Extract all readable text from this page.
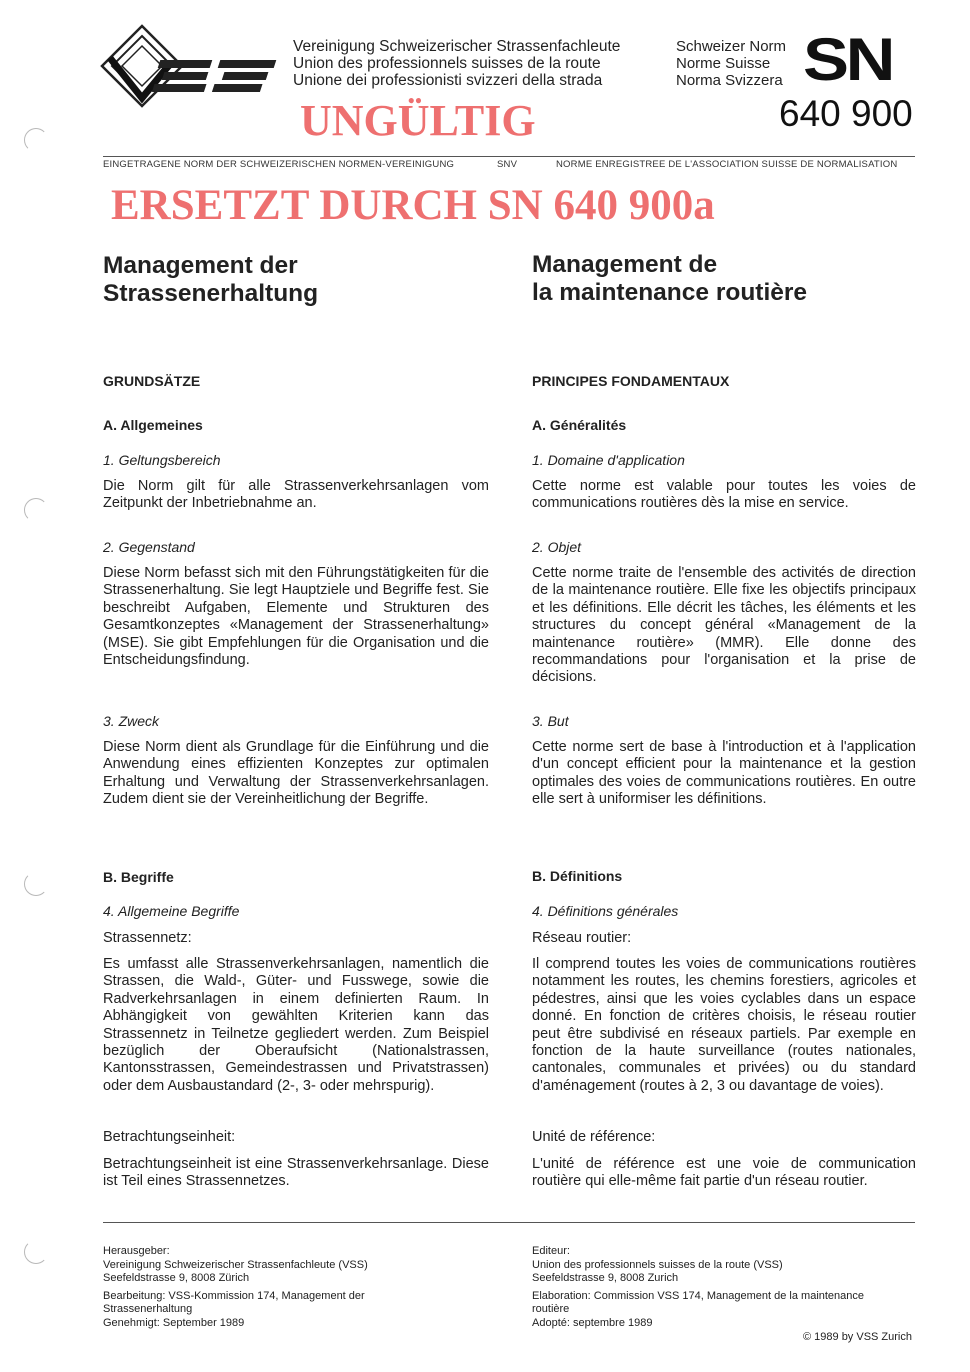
Vereinigung Schweizerischer Strassenfachleute
Union des professionnels suisses de la route
Unione dei professionisti svizzeri della strada
Schweizer Norm
Norme Suisse
Norma Svizzera SN
640 900
UNGÜLTIG
EINGETRAGENE NORM DER SCHWEIZERISCHEN NORMEN-VEREINIGUNG	SNV	NORME ENREGISTREE DE L'ASSOCIATION SUISSE DE NORMALISATION
ERSETZT DURCH SN 640 900a
Management der
Strassenerhaltung
Management de
la maintenance routière
GRUNDSÄTZE
A. Allgemeines
1. Geltungsbereich
Die Norm gilt für alle Strassenverkehrsanlagen vom Zeitpunkt der Inbetriebnahme an.
2. Gegenstand
Diese Norm befasst sich mit den Führungstätigkeiten für die Strassenerhaltung. Sie legt Hauptziele und Begriffe fest. Sie beschreibt Aufgaben, Elemente und Strukturen des Gesamtkonzeptes «Management der Strassenerhaltung» (MSE). Sie gibt Empfehlungen für die Organisation und die Entscheidungsfindung.
3. Zweck
Diese Norm dient als Grundlage für die Einführung und die Anwendung eines effizienten Konzeptes zur optimalen Erhaltung und Verwaltung der Strassenverkehrsanlagen. Zudem dient sie der Vereinheitlichung der Begriffe.
B. Begriffe
4. Allgemeine Begriffe
Strassennetz:
Es umfasst alle Strassenverkehrsanlagen, namentlich die Strassen, die Wald-, Güter- und Fusswege, sowie die Radverkehrsanlagen in einem definierten Raum. In Abhängigkeit von gewählten Kriterien kann das Strassennetz in Teilnetze gegliedert werden. Zum Beispiel bezüglich der Oberaufsicht (Nationalstrassen, Kantonsstrassen, Gemeindestrassen und Privatstrassen) oder dem Ausbaustandard (2-, 3- oder mehrspurig).
Betrachtungseinheit:
Betrachtungseinheit ist eine Strassenverkehrsanlage. Diese ist Teil eines Strassennetzes.
PRINCIPES FONDAMENTAUX
A. Généralités
1. Domaine d'application
Cette norme est valable pour toutes les voies de communications routières dès la mise en service.
2. Objet
Cette norme traite de l'ensemble des activités de direction de la maintenance routière. Elle fixe les objectifs principaux et les définitions. Elle décrit les tâches, les éléments et les structures du concept général «Management de la maintenance routière» (MMR). Elle donne des recommandations pour l'organisation et la prise de décisions.
3. But
Cette norme sert de base à l'introduction et à l'application d'un concept efficient pour la maintenance et la gestion optimales des voies de communications routières. En outre elle sert à uniformiser les définitions.
B. Définitions
4. Définitions générales
Réseau routier:
Il comprend toutes les voies de communications routières notamment les routes, les chemins forestiers, agricoles et pédestres, ainsi que les voies cyclables dans un espace donné. En fonction de critères choisis, le réseau routier peut être subdivisé en réseaux partiels. Par exemple en fonction de la haute surveillance (routes nationales, cantonales, communales et privées) ou du standard d'aménagement (routes à 2, 3 ou davantage de voies).
Unité de référence:
L'unité de référence est une voie de communication routière qui elle-même fait partie d'un réseau routier.
Herausgeber:
Vereinigung Schweizerischer Strassenfachleute (VSS)
Seefeldstrasse 9, 8008 Zürich
Bearbeitung: VSS-Kommission 174, Management der
Strassenerhaltung
Genehmigt: September 1989
Editeur:
Union des professionnels suisses de la route (VSS)
Seefeldstrasse 9, 8008 Zurich
Elaboration: Commission VSS 174, Management de la maintenance
routière
Adopté: septembre 1989
© 1989 by VSS Zurich
